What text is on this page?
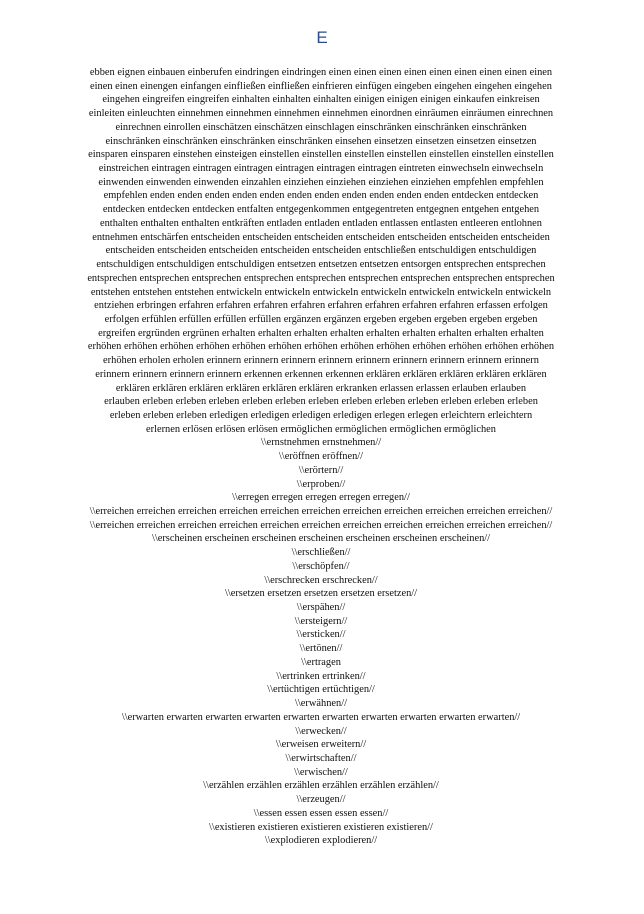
E
ebben eignen einbauen einberufen eindringen eindringen einen einen einen einen einen einen einen einen einen
einen einen einengen einfangen einfließen einfließen einfrieren einfügen eingeben eingehen eingehen eingehen
eingehen eingreifen eingreifen einhalten einhalten einhalten einigen einigen einigen einkaufen einkreisen
einleiten einleuchten einnehmen einnehmen einnehmen einnehmen einordnen einräumen einräumen einrechnen
einrechnen einrollen einschätzen einschätzen einschlagen einschränken einschränken einschränken
einschränken einschränken einschränken einschränken einsehen einsetzen einsetzen einsetzen einsetzen
einsparen einsparen einstehen einsteigen einstellen einstellen einstellen einstellen einstellen einstellen einstellen
einstreichen eintragen eintragen eintragen eintragen eintragen eintragen eintreten einwechseln einwechseln
einwenden einwenden einwenden einzahlen einziehen einziehen einziehen einziehen empfehlen empfehlen
empfehlen enden enden enden enden enden enden enden enden enden enden enden entdecken entdecken
entdecken entdecken entdecken entfalten entgegenkommen entgegentreten entgegnen entgehen entgehen
enthalten enthalten enthalten entkräften entladen entladen entladen entlassen entlasten entleeren entlohnen
entnehmen entschärfen entscheiden entscheiden entscheiden entscheiden entscheiden entscheiden entscheiden
entscheiden entscheiden entscheiden entscheiden entscheiden entschließen entschuldigen entschuldigen
entschuldigen entschuldigen entschuldigen entsetzen entsetzen entsetzen entsorgen entsprechen entsprechen
entsprechen entsprechen entsprechen entsprechen entsprechen entsprechen entsprechen entsprechen entsprechen
entstehen entstehen entstehen entwickeln entwickeln entwickeln entwickeln entwickeln entwickeln entwickeln
entziehen erbringen erfahren erfahren erfahren erfahren erfahren erfahren erfahren erfahren erfassen erfolgen
erfolgen erfühlen erfüllen erfüllen erfüllen ergänzen ergänzen ergeben ergeben ergeben ergeben ergeben
ergreifen ergründen ergrünen erhalten erhalten erhalten erhalten erhalten erhalten erhalten erhalten erhalten
erhöhen erhöhen erhöhen erhöhen erhöhen erhöhen erhöhen erhöhen erhöhen erhöhen erhöhen erhöhen erhöhen
erhöhen erholen erholen erinnern erinnern erinnern erinnern erinnern erinnern erinnern erinnern erinnern
erinnern erinnern erinnern erinnern erkennen erkennen erkennen erklären erklären erklären erklären erklären
erklären erklären erklären erklären erklären erklären erkranken erlassen erlassen erlauben erlauben
erlauben erleben erleben erleben erleben erleben erleben erleben erleben erleben erleben erleben erleben
erleben erleben erleben erledigen erledigen erledigen erledigen erlegen erlegen erleichtern erleichtern
erlernen erlösen erlösen erlösen ermöglichen ermöglichen ermöglichen ermöglichen
\\ernstnehmen ernstnehmen//
\\eröffnen eröffnen//
\\erörtern//
\\erproben//
\\erregen erregen erregen erregen erregen//
\\erreichen erreichen erreichen erreichen erreichen erreichen erreichen erreichen erreichen erreichen erreichen//
\\erreichen erreichen erreichen erreichen erreichen erreichen erreichen erreichen erreichen erreichen erreichen//
\\erscheinen erscheinen erscheinen erscheinen erscheinen erscheinen erscheinen//
\\erschließen//
\\erschöpfen//
\\erschrecken erschrecken//
\\ersetzen ersetzen ersetzen ersetzen ersetzen//
\\erspähen//
\\ersteigern//
\\ersticken//
\\ertönen//
\\ertragen
\\ertrinken ertrinken//
\\ertüchtigen ertüchtigen//
\\erwähnen//
\\erwarten erwarten erwarten erwarten erwarten erwarten erwarten erwarten erwarten erwarten//
\\erwecken//
\\erweisen erweitern//
\\erwirtschaften//
\\erwischen//
\\erzählen erzählen erzählen erzählen erzählen erzählen//
\\erzeugen//
\\essen essen essen essen essen//
\\existieren existieren existieren existieren existieren//
\\explodieren explodieren//
